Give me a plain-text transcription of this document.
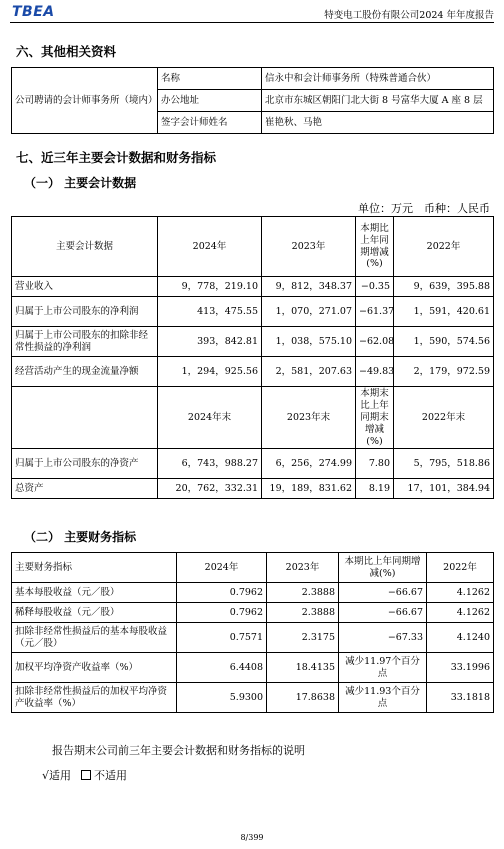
TBEA	特变电工股份有限公司2024 年年度报告
六、其他相关资料
公司聘请的会计师事务所（境内）	名称	信永中和会计师事务所（特殊普通合伙）
	办公地址	北京市东城区朝阳门北大街 8 号富华大厦 A 座 8 层

	签字会计师姓名	崔艳秋、马艳
七、近三年主要会计数据和财务指标
（一） 主要会计数据
单位：万元　币种：人民币
主要会计数据	2024年	2023年	本期比上年同期增减(%)	2022年
营业收入	9，778，219.10	9，812，348.37	−0.35	9，639，395.88
归属于上市公司股东的净利润	413，475.55	1，070，271.07	−61.37	1，591，420.61
归属于上市公司股东的扣除非经常性损益的净利润	393，842.81	1，038，575.10	−62.08	1，590，574.56
经营活动产生的现金流量净额	1，294，925.56	2，581，207.63	−49.83	2，179，972.59
	2024年末	2023年末	本期末比上年同期末增减(%)	2022年末
归属于上市公司股东的净资产	6，743，988.27	6，256，274.99	7.80	5，795，518.86
总资产	20，762，332.31	19，189，831.62	8.19	17，101，384.94
（二） 主要财务指标
主要财务指标	2024年	2023年	本期比上年同期增减(%)	2022年
基本每股收益（元／股）	0.7962	2.3888	−66.67	4.1262
稀释每股收益（元／股）	0.7962	2.3888	−66.67	4.1262
扣除非经常性损益后的基本每股收益（元／股）	0.7571	2.3175	−67.33	4.1240
加权平均净资产收益率（%）	6.4408	18.4135	减少11.97个百分点	33.1996
扣除非经常性损益后的加权平均净资产收益率（%）	5.9300	17.8638	减少11.93个百分点	33.1818
报告期末公司前三年主要会计数据和财务指标的说明
√适用 不适用
8/399
